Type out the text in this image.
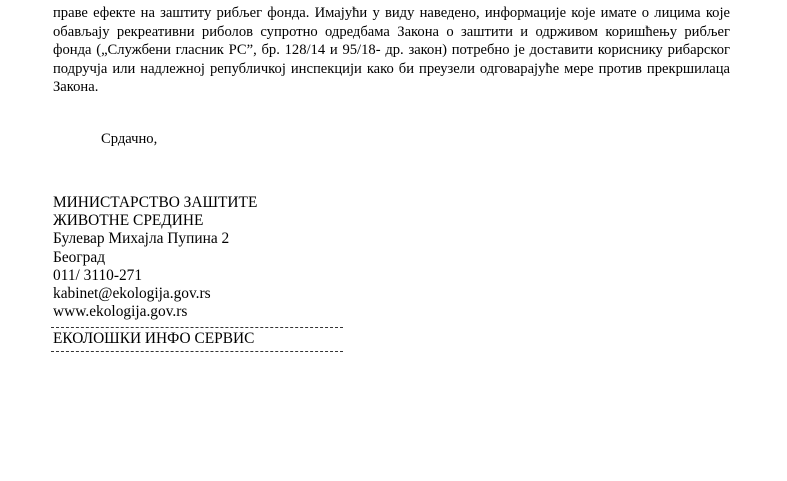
праве ефекте на заштиту рибљег фонда. Имајући у виду наведено, информације које имате о лицима које обављају рекреативни риболов супротно одредбама Закона о заштити и одрживом коришћењу рибљег фонда („Службени гласник РС”, бр. 128/14 и 95/18- др. закон) потребно је доставити кориснику рибарског подручја или надлежној републичкој инспекцији како би преузели одговарајуће мере против прекршилаца Закона.
Срдачно,
МИНИСТАРСТВО ЗАШТИТЕ
ЖИВОТНЕ СРЕДИНЕ
Булевар Михајла Пупина 2
Београд
011/ 3110-271
kabinet@ekologija.gov.rs
www.ekologija.gov.rs
ЕКОЛОШКИ ИНФО СЕРВИС
